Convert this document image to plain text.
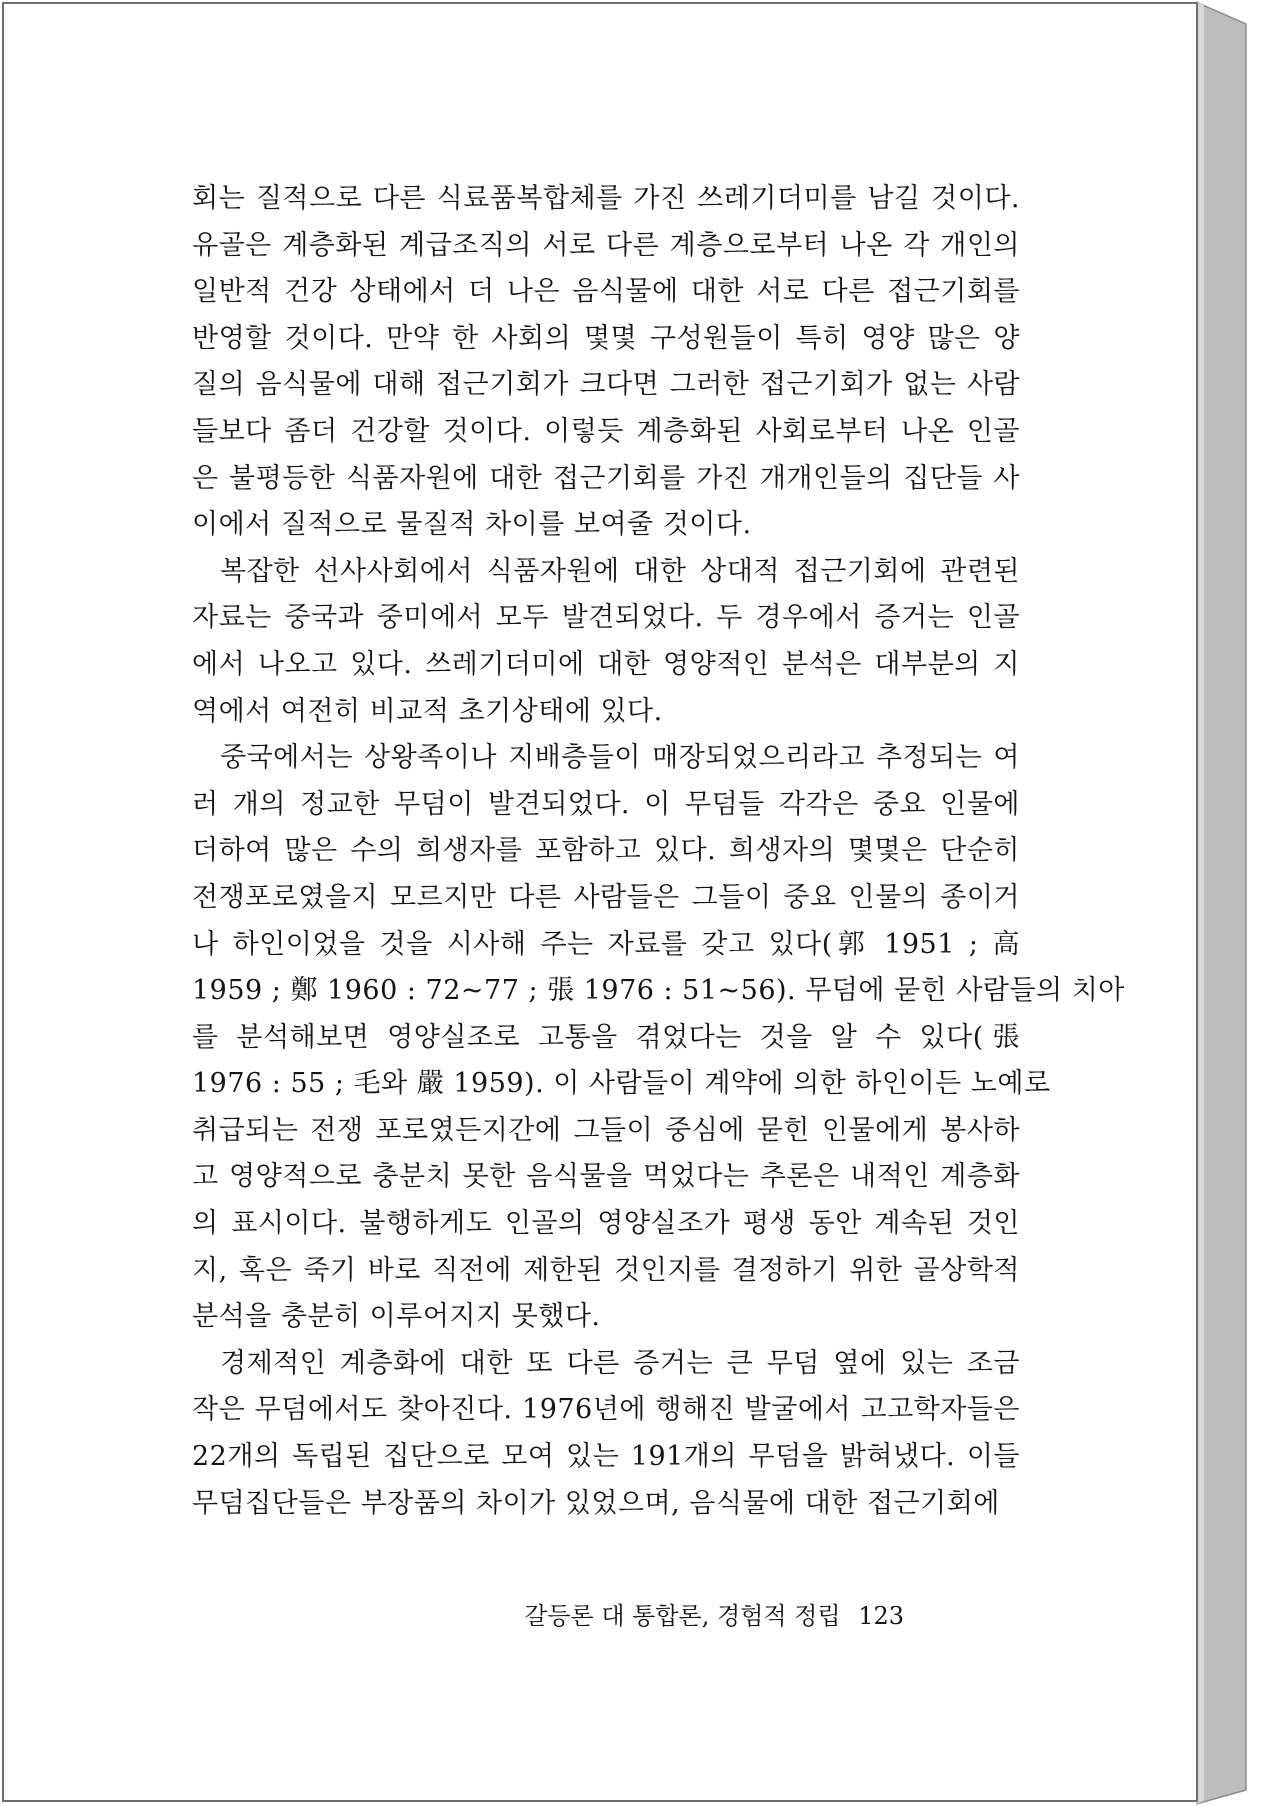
회는 질적으로 다른 식료품복합체를 가진 쓰레기더미를 남길 것이다.
유골은 계층화된 계급조직의 서로 다른 계층으로부터 나온 각 개인의
일반적 건강 상태에서 더 나은 음식물에 대한 서로 다른 접근기회를
반영할 것이다. 만약 한 사회의 몇몇 구성원들이 특히 영양 많은 양
질의 음식물에 대해 접근기회가 크다면 그러한 접근기회가 없는 사람
들보다 좀더 건강할 것이다. 이렇듯 계층화된 사회로부터 나온 인골
은 불평등한 식품자원에 대한 접근기회를 가진 개개인들의 집단들 사
이에서 질적으로 물질적 차이를 보여줄 것이다.
복잡한 선사사회에서 식품자원에 대한 상대적 접근기회에 관련된
자료는 중국과 중미에서 모두 발견되었다. 두 경우에서 증거는 인골
에서 나오고 있다. 쓰레기더미에 대한 영양적인 분석은 대부분의 지
역에서 여전히 비교적 초기상태에 있다.
중국에서는 상왕족이나 지배층들이 매장되었으리라고 추정되는 여
러 개의 정교한 무덤이 발견되었다. 이 무덤들 각각은 중요 인물에
더하여 많은 수의 희생자를 포함하고 있다. 희생자의 몇몇은 단순히
전쟁포로였을지 모르지만 다른 사람들은 그들이 중요 인물의 종이거
나 하인이었을 것을 시사해 주는 자료를 갖고 있다(郭 1951 ; 高
1959 ; 鄭 1960 : 72~77 ; 張 1976 : 51~56). 무덤에 묻힌 사람들의 치아
를 분석해보면 영양실조로 고통을 겪었다는 것을 알 수 있다(張
1976 : 55 ; 毛와 嚴 1959). 이 사람들이 계약에 의한 하인이든 노예로
취급되는 전쟁 포로였든지간에 그들이 중심에 묻힌 인물에게 봉사하
고 영양적으로 충분치 못한 음식물을 먹었다는 추론은 내적인 계층화
의 표시이다. 불행하게도 인골의 영양실조가 평생 동안 계속된 것인
지, 혹은 죽기 바로 직전에 제한된 것인지를 결정하기 위한 골상학적
분석을 충분히 이루어지지 못했다.
경제적인 계층화에 대한 또 다른 증거는 큰 무덤 옆에 있는 조금
작은 무덤에서도 찾아진다. 1976년에 행해진 발굴에서 고고학자들은
22개의 독립된 집단으로 모여 있는 191개의 무덤을 밝혀냈다. 이들
무덤집단들은 부장품의 차이가 있었으며, 음식물에 대한 접근기회에
갈등론 대 통합론, 경험적 정립 123
